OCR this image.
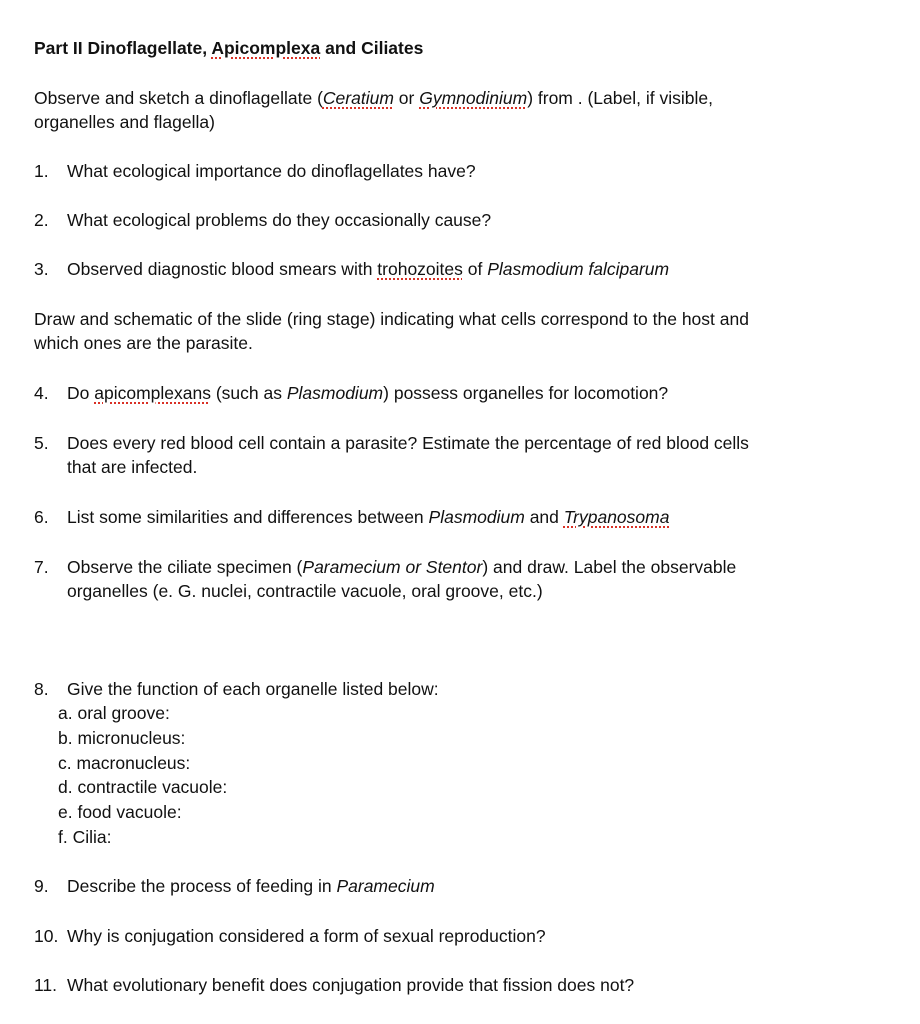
Part II Dinoflagellate, Apicomplexa and Ciliates
Observe and sketch a dinoflagellate (Ceratium or Gymnodinium) from . (Label, if visible,
organelles and flagella)
1.	What ecological importance do dinoflagellates have?
2.	What ecological problems do they occasionally cause?
3.	Observed diagnostic blood smears with trohozoites of Plasmodium falciparum
Draw and schematic of the slide (ring stage) indicating what cells correspond to the host and
which ones are the parasite.
4.	Do apicomplexans (such as Plasmodium) possess organelles for locomotion?
5.	Does every red blood cell contain a parasite? Estimate the percentage of red blood cells
that are infected.
6.	List some similarities and differences between Plasmodium and Trypanosoma
7.	Observe the ciliate specimen (Paramecium or Stentor) and draw. Label the observable
organelles (e. G. nuclei, contractile vacuole, oral groove, etc.)
8.	Give the function of each organelle listed below:
a. oral groove:
b. micronucleus:
c. macronucleus:
d. contractile vacuole:
e. food vacuole:
f. Cilia:
9.	Describe the process of feeding in Paramecium
10. Why is conjugation considered a form of sexual reproduction?
11. What evolutionary benefit does conjugation provide that fission does not?
